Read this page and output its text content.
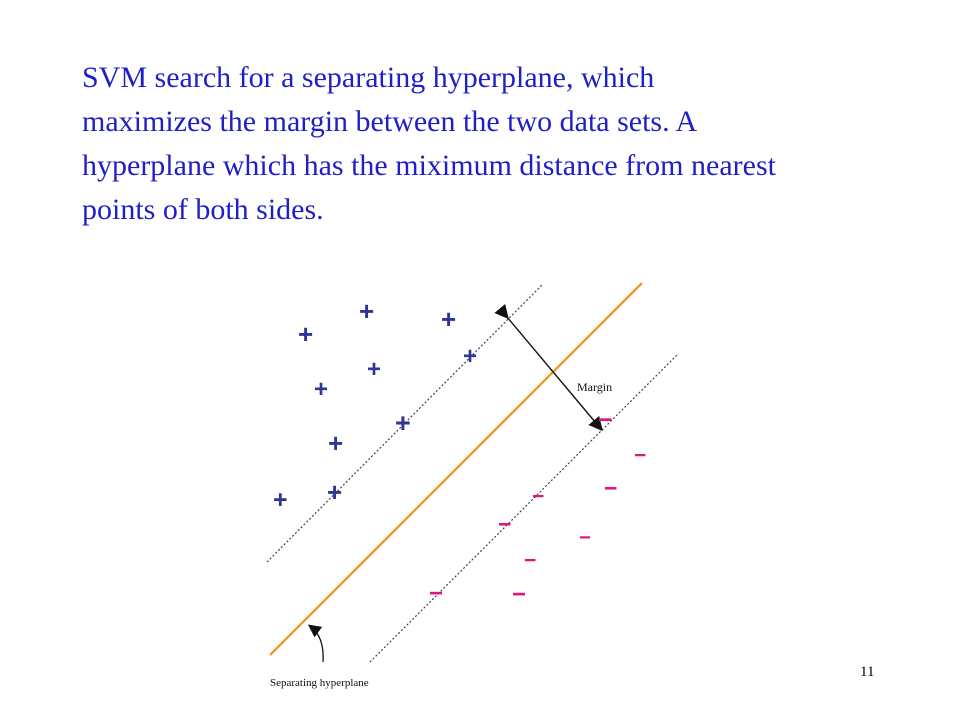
SVM search for a separating hyperplane, which
maximizes the margin between the two data sets. A
hyperplane which has the miximum distance from nearest
points of both sides.

Margin
Separating hyperplane
+
+	+
+
+
+
+
+
+ +
−
−
−
−
−
−
−
−	−

11
